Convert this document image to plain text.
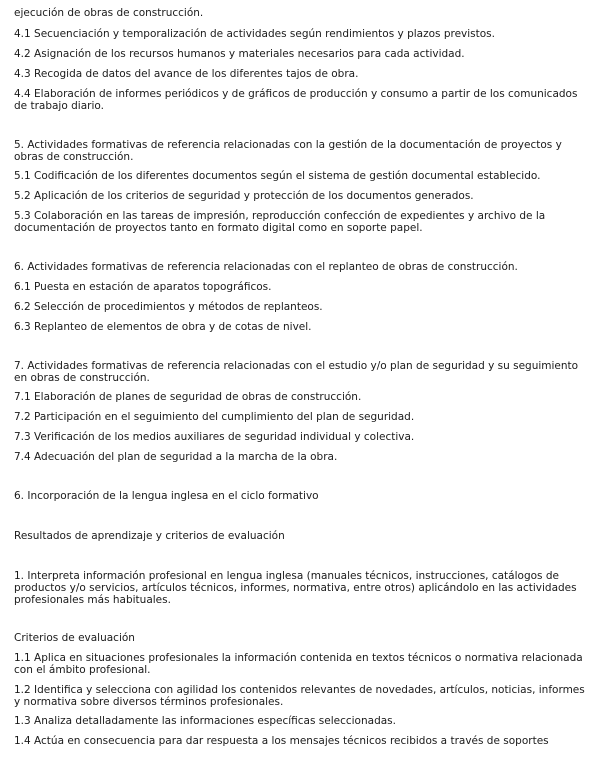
ejecución de obras de construcción.

4.1 Secuenciación y temporalización de actividades según rendimientos y plazos previstos.

4.2 Asignación de los recursos humanos y materiales necesarios para cada actividad.

4.3 Recogida de datos del avance de los diferentes tajos de obra.

4.4 Elaboración de informes periódicos y de gráficos de producción y consumo a partir de los comunicados de trabajo diario.

5. Actividades formativas de referencia relacionadas con la gestión de la documentación de proyectos y obras de construcción.

5.1 Codificación de los diferentes documentos según el sistema de gestión documental establecido.

5.2 Aplicación de los criterios de seguridad y protección de los documentos generados.

5.3 Colaboración en las tareas de impresión, reproducción confección de expedientes y archivo de la documentación de proyectos tanto en formato digital como en soporte papel.

6. Actividades formativas de referencia relacionadas con el replanteo de obras de construcción.

6.1 Puesta en estación de aparatos topográficos.

6.2 Selección de procedimientos y métodos de replanteos.

6.3 Replanteo de elementos de obra y de cotas de nivel.

7. Actividades formativas de referencia relacionadas con el estudio y/o plan de seguridad y su seguimiento en obras de construcción.

7.1 Elaboración de planes de seguridad de obras de construcción.

7.2 Participación en el seguimiento del cumplimiento del plan de seguridad.

7.3 Verificación de los medios auxiliares de seguridad individual y colectiva.

7.4 Adecuación del plan de seguridad a la marcha de la obra.

6. Incorporación de la lengua inglesa en el ciclo formativo

Resultados de aprendizaje y criterios de evaluación

1. Interpreta información profesional en lengua inglesa (manuales técnicos, instrucciones, catálogos de productos y/o servicios, artículos técnicos, informes, normativa, entre otros) aplicándolo en las actividades profesionales más habituales.

Criterios de evaluación

1.1 Aplica en situaciones profesionales la información contenida en textos técnicos o normativa relacionada con el ámbito profesional.

1.2 Identifica y selecciona con agilidad los contenidos relevantes de novedades, artículos, noticias, informes y normativa sobre diversos términos profesionales.

1.3 Analiza detalladamente las informaciones específicas seleccionadas.

1.4 Actúa en consecuencia para dar respuesta a los mensajes técnicos recibidos a través de soportes
